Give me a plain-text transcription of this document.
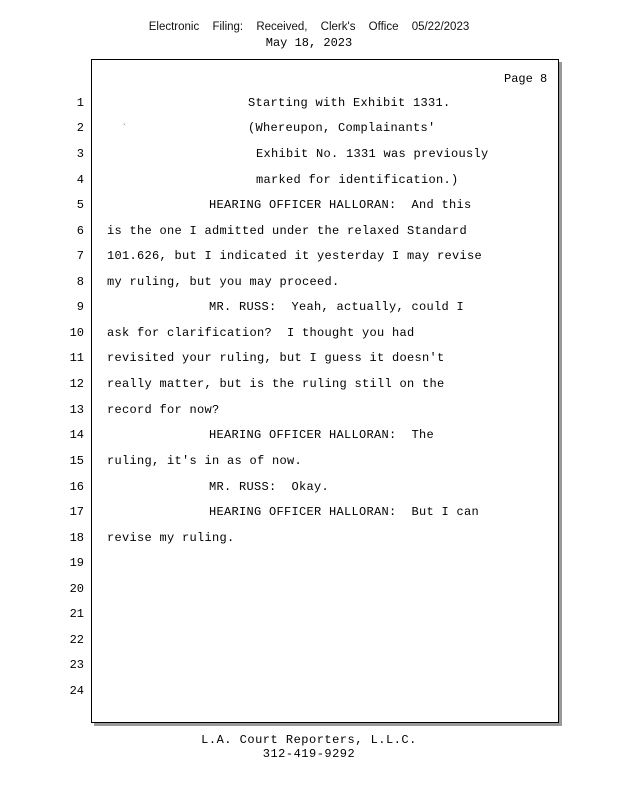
Electronic Filing: Received, Clerk's Office 05/22/2023
May 18, 2023
Page 8
`
1
2
3
4
5
6
7
8
9
10
11
12
13
14
15
16
17
18
19
20
21
22
23
24
Starting with Exhibit 1331.
(Whereupon, Complainants'
Exhibit No. 1331 was previously
marked for identification.)
HEARING OFFICER HALLORAN:  And this
is the one I admitted under the relaxed Standard
101.626, but I indicated it yesterday I may revise
my ruling, but you may proceed.
MR. RUSS:  Yeah, actually, could I
ask for clarification?  I thought you had
revisited your ruling, but I guess it doesn't
really matter, but is the ruling still on the
record for now?
HEARING OFFICER HALLORAN:  The
ruling, it's in as of now.
MR. RUSS:  Okay.
HEARING OFFICER HALLORAN:  But I can
revise my ruling.
L.A. Court Reporters, L.L.C.
312-419-9292
